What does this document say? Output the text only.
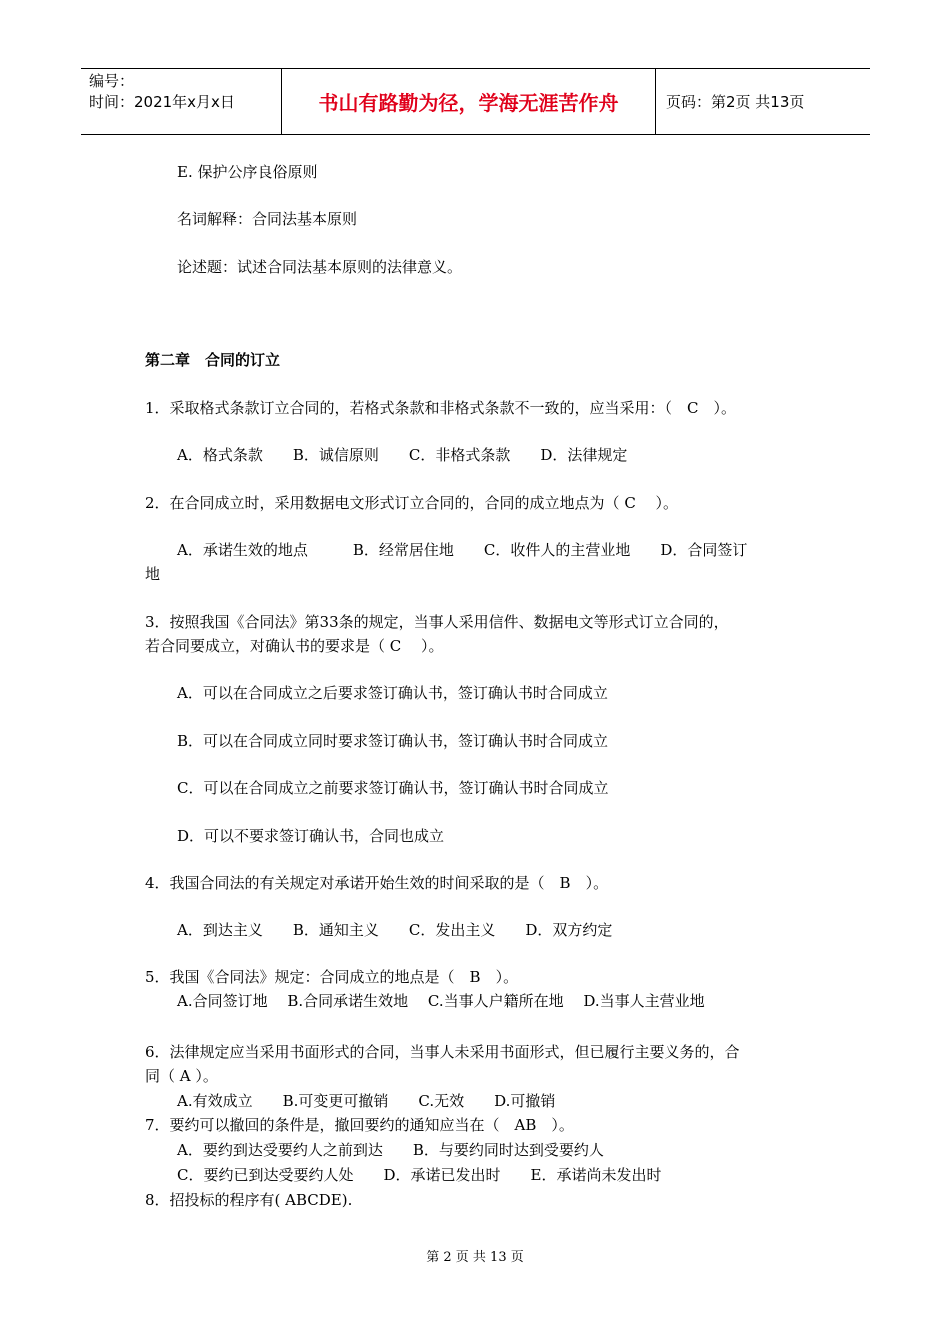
编号：
时间：2021年x月x日	书山有路勤为径，学海无涯苦作舟	页码：第2页 共13页
E. 保护公序良俗原则
名词解释：合同法基本原则
论述题：试述合同法基本原则的法律意义。
第二章　合同的订立
1．采取格式条款订立合同的，若格式条款和非格式条款不一致的，应当采用：（　C　）。
A．格式条款　　B．诚信原则　　C．非格式条款　　D．法律规定
2．在合同成立时，采用数据电文形式订立合同的，合同的成立地点为（ C　 ）。
A．承诺生效的地点　　　B．经常居住地　　C．收件人的主营业地　　D．合同签订
地
3．按照我国《合同法》第33条的规定，当事人采用信件、数据电文等形式订立合同的，
若合同要成立，对确认书的要求是（ C　 ）。
A．可以在合同成立之后要求签订确认书，签订确认书时合同成立
B．可以在合同成立同时要求签订确认书，签订确认书时合同成立
C．可以在合同成立之前要求签订确认书，签订确认书时合同成立
D．可以不要求签订确认书，合同也成立
4．我国合同法的有关规定对承诺开始生效的时间采取的是（　B　）。
A．到达主义　　B．通知主义　　C．发出主义　　D．双方约定
5．我国《合同法》规定：合同成立的地点是（　B　）。
A.合同签订地　 B.合同承诺生效地　 C.当事人户籍所在地　 D.当事人主营业地
6．法律规定应当采用书面形式的合同，当事人未采用书面形式，但已履行主要义务的，合
同（ A ）。
A.有效成立　　B.可变更可撤销　　C.无效　　D.可撤销
7．要约可以撤回的条件是，撤回要约的通知应当在（　AB　）。
A．要约到达受要约人之前到达　　B．与要约同时达到受要约人
C．要约已到达受要约人处　　D．承诺已发出时　　E．承诺尚未发出时
8．招投标的程序有( ABCDE).
第 2 页 共 13 页
